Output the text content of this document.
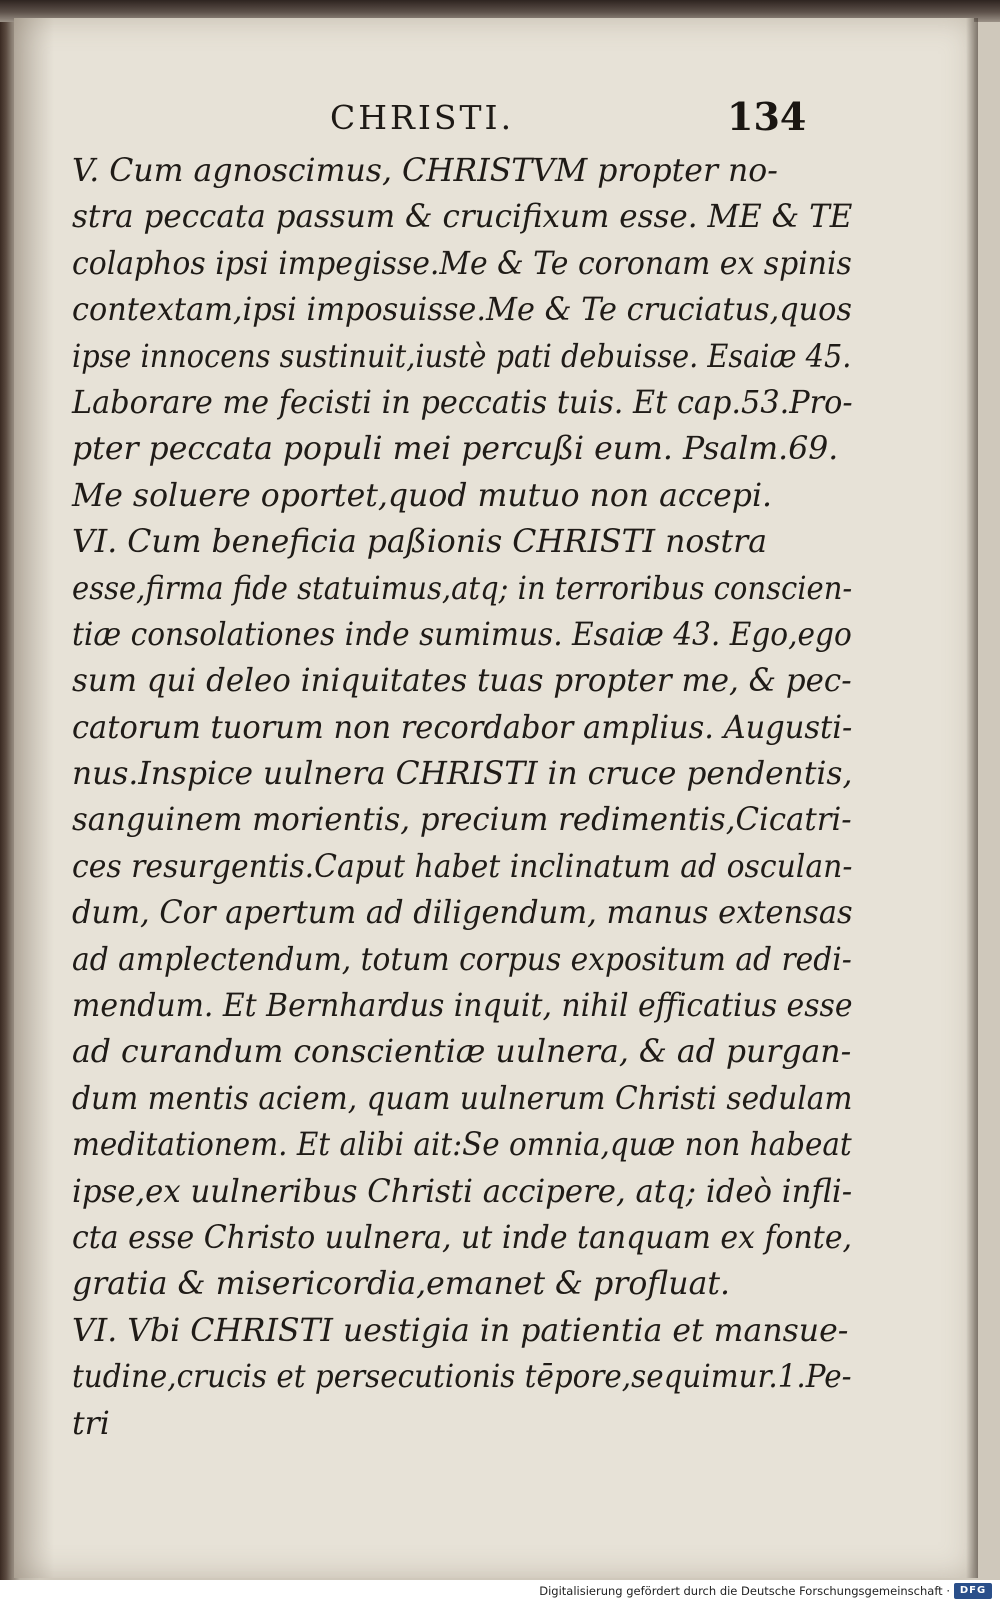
CHRISTI.	134
V. Cum agnoscimus, CHRISTVM propter no-
stra peccata passum & crucifixum esse. ME & TE
colaphos ipsi impegisse.Me & Te coronam ex spinis
contextam,ipsi imposuisse.Me & Te cruciatus,quos
ipse innocens sustinuit,iustè pati debuisse. Esaiæ 45.
Laborare me fecisti in peccatis tuis. Et cap.53.Pro-
pter peccata populi mei percußi eum. Psalm.69.
Me soluere oportet,quod mutuo non accepi.
VI. Cum beneficia paßionis CHRISTI nostra
esse,firma fide statuimus,atq; in terroribus conscien-
tiæ consolationes inde sumimus. Esaiæ 43. Ego,ego
sum qui deleo iniquitates tuas propter me, & pec-
catorum tuorum non recordabor amplius. Augusti-
nus.Inspice uulnera CHRISTI in cruce pendentis,
sanguinem morientis, precium redimentis,Cicatri-
ces resurgentis.Caput habet inclinatum ad osculan-
dum, Cor apertum ad diligendum, manus extensas
ad amplectendum, totum corpus expositum ad redi-
mendum. Et Bernhardus inquit, nihil efficatius esse
ad curandum conscientiæ uulnera, & ad purgan-
dum mentis aciem, quam uulnerum Christi sedulam
meditationem. Et alibi ait:Se omnia,quæ non habeat
ipse,ex uulneribus Christi accipere, atq; ideò infli-
cta esse Christo uulnera, ut inde tanquam ex fonte,
gratia & misericordia,emanet & profluat.
VI. Vbi CHRISTI uestigia in patientia et mansue-
tudine,crucis et persecutionis tēpore,sequimur.1.Pe-
tri
Digitalisierung gefördert durch die Deutsche Forschungsgemeinschaft · DFG
